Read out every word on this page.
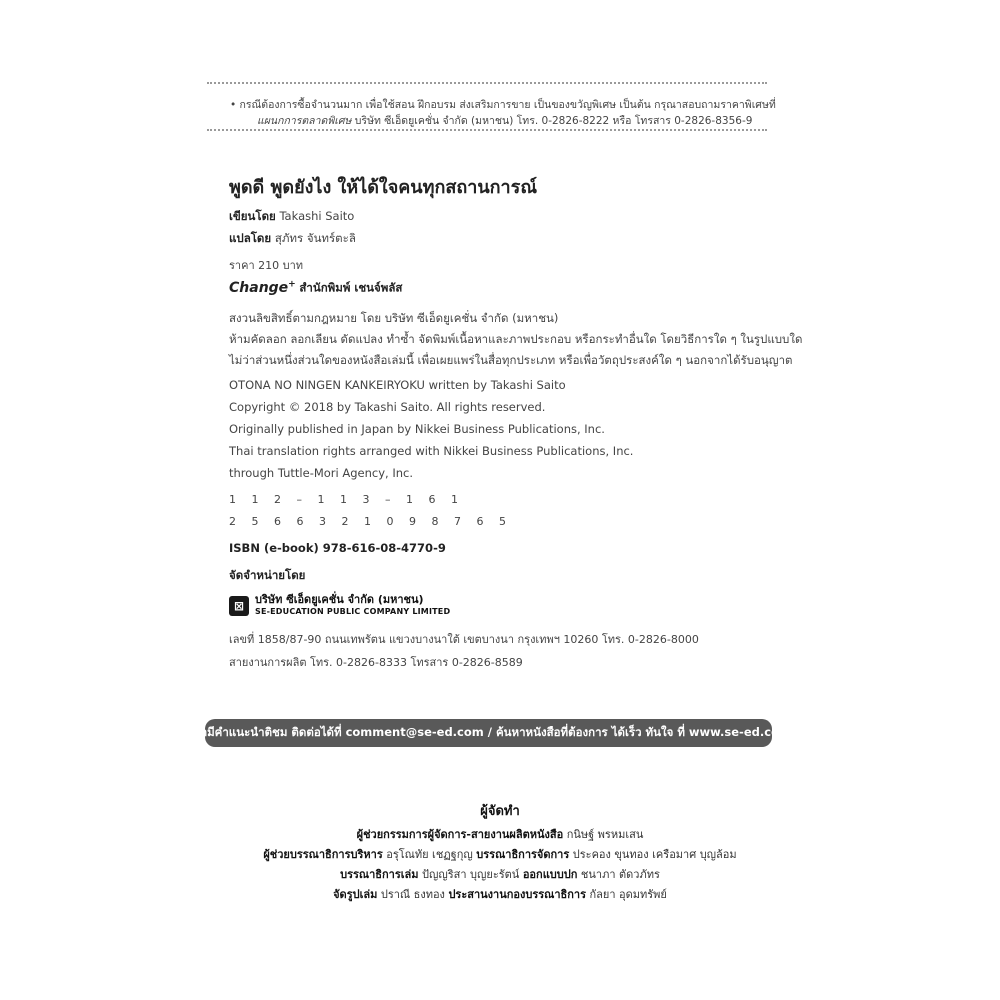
• กรณีต้องการซื้อจำนวนมาก เพื่อใช้สอน ฝึกอบรม ส่งเสริมการขาย เป็นของขวัญพิเศษ เป็นต้น กรุณาสอบถามราคาพิเศษที่
แผนกการตลาดพิเศษ บริษัท ซีเอ็ดยูเคชั่น จำกัด (มหาชน) โทร. 0-2826-8222 หรือ โทรสาร 0-2826-8356-9
พูดดี พูดยังไง ให้ได้ใจคนทุกสถานการณ์
เขียนโดย Takashi Saito
แปลโดย สุภัทร จันทร์ตะลิ
ราคา 210 บาท
Change+ สำนักพิมพ์ เชนจ์พลัส
สงวนลิขสิทธิ์ตามกฎหมาย โดย บริษัท ซีเอ็ดยูเคชั่น จำกัด (มหาชน)
ห้ามคัดลอก ลอกเลียน ดัดแปลง ทำซ้ำ จัดพิมพ์เนื้อหาและภาพประกอบ หรือกระทำอื่นใด โดยวิธีการใด ๆ ในรูปแบบใด
ไม่ว่าส่วนหนึ่งส่วนใดของหนังสือเล่มนี้ เพื่อเผยแพร่ในสื่อทุกประเภท หรือเพื่อวัตถุประสงค์ใด ๆ นอกจากได้รับอนุญาต
OTONA NO NINGEN KANKEIRYOKU written by Takashi Saito
Copyright © 2018 by Takashi Saito. All rights reserved.
Originally published in Japan by Nikkei Business Publications, Inc.
Thai translation rights arranged with Nikkei Business Publications, Inc.
through Tuttle-Mori Agency, Inc.
1 1 2 – 1 1 3 – 1 6 1
2 5 6 6 3 2 1 0 9 8 7 6 5
ISBN (e-book) 978-616-08-4770-9
จัดจำหน่ายโดย
⊠ บริษัท ซีเอ็ดยูเคชั่น จำกัด (มหาชน)
SE-EDUCATION PUBLIC COMPANY LIMITED
เลขที่ 1858/87-90 ถนนเทพรัตน แขวงบางนาใต้ เขตบางนา กรุงเทพฯ 10260 โทร. 0-2826-8000
สายงานการผลิต โทร. 0-2826-8333 โทรสาร 0-2826-8589
หากมีคำแนะนำติชม ติดต่อได้ที่ comment@se-ed.com / ค้นหาหนังสือที่ต้องการ ได้เร็ว ทันใจ ที่ www.se-ed.com
ผู้จัดทำ
ผู้ช่วยกรรมการผู้จัดการ-สายงานผลิตหนังสือ กนิษฐ์ พรหมเสน
ผู้ช่วยบรรณาธิการบริหาร อรุโณทัย เชฏฐกุญ บรรณาธิการจัดการ ประคอง ขุนทอง เครือมาศ บุญล้อม
บรรณาธิการเล่ม ปัญญริสา บุญยะรัตน์ ออกแบบปก ชนาภา ตัดวภัทร
จัดรูปเล่ม ปราณี ธงทอง ประสานงานกองบรรณาธิการ กัลยา อุดมทรัพย์
